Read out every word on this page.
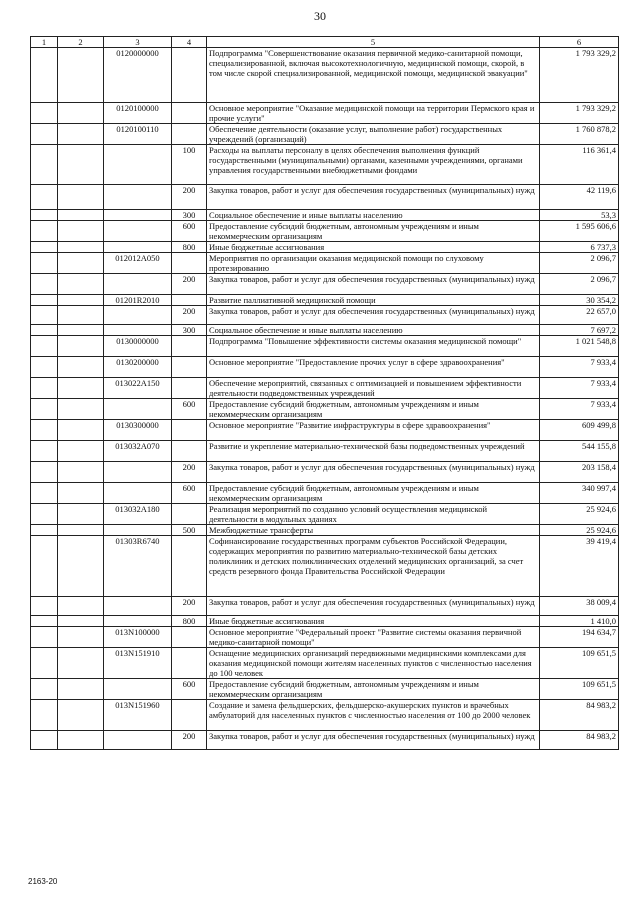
30
1	2	3	4	5	6
		0120000000		Подпрограмма "Совершенствование оказания первичной медико-санитарной помощи, специализированной, включая высокотехнологичную, медицинской помощи, скорой, в том числе скорой специализированной, медицинской помощи, медицинской эвакуации"	1 793 329,2
		0120100000		Основное мероприятие "Оказание медицинской помощи на территории Пермского края и прочие услуги"	1 793 329,2
		0120100110		Обеспечение деятельности (оказание услуг, выполнение работ) государственных учреждений (организаций)	1 760 878,2
			100	Расходы на выплаты персоналу в целях обеспечения выполнения функций государственными (муниципальными) органами, казенными учреждениями, органами управления государственными внебюджетными фондами	116 361,4
			200	Закупка товаров, работ и услуг для обеспечения государственных (муниципальных) нужд	42 119,6
			300	Социальное обеспечение и иные выплаты населению	53,3
			600	Предоставление субсидий бюджетным, автономным учреждениям и иным некоммерческим организациям	1 595 606,6
			800	Иные бюджетные ассигнования	6 737,3
		012012А050		Мероприятия по организации оказания медицинской помощи по слуховому протезированию	2 096,7
			200	Закупка товаров, работ и услуг для обеспечения государственных (муниципальных) нужд	2 096,7
		01201R2010		Развитие паллиативной медицинской помощи	30 354,2
			200	Закупка товаров, работ и услуг для обеспечения государственных (муниципальных) нужд	22 657,0
			300	Социальное обеспечение и иные выплаты населению	7 697,2
		0130000000		Подпрограмма "Повышение эффективности системы оказания медицинской помощи"	1 021 548,8
		0130200000		Основное мероприятие "Предоставление прочих услуг в сфере здравоохранения"	7 933,4
		013022А150		Обеспечение мероприятий, связанных с оптимизацией и повышением эффективности деятельности подведомственных учреждений	7 933,4
			600	Предоставление субсидий бюджетным, автономным учреждениям и иным некоммерческим организациям	7 933,4
		0130300000		Основное мероприятие "Развитие инфраструктуры в сфере здравоохранения"	609 499,8
		013032А070		Развитие и укрепление материально-технической базы подведомственных учреждений	544 155,8
			200	Закупка товаров, работ и услуг для обеспечения государственных (муниципальных) нужд	203 158,4
			600	Предоставление субсидий бюджетным, автономным учреждениям и иным некоммерческим организациям	340 997,4
		013032А180		Реализация мероприятий по созданию условий осуществления медицинской деятельности в модульных зданиях	25 924,6
			500	Межбюджетные трансферты	25 924,6
		01303R6740		Софинансирование государственных программ субъектов Российской Федерации, содержащих мероприятия по развитию материально-технической базы детских поликлиник и детских поликлинических отделений медицинских организаций, за счет средств резервного фонда Правительства Российской Федерации	39 419,4
			200	Закупка товаров, работ и услуг для обеспечения государственных (муниципальных) нужд	38 009,4
			800	Иные бюджетные ассигнования	1 410,0
		013N100000		Основное мероприятие "Федеральный проект "Развитие системы оказания первичной медико-санитарной помощи"	194 634,7
		013N151910		Оснащение медицинских организаций передвижными медицинскими комплексами для оказания медицинской помощи жителям населенных пунктов с численностью населения до 100 человек	109 651,5
			600	Предоставление субсидий бюджетным, автономным учреждениям и иным некоммерческим организациям	109 651,5
		013N151960		Создание и замена фельдшерских, фельдшерско-акушерских пунктов и врачебных амбулаторий для населенных пунктов с численностью населения от 100 до 2000 человек	84 983,2
			200	Закупка товаров, работ и услуг для обеспечения государственных (муниципальных) нужд	84 983,2
2163-20
